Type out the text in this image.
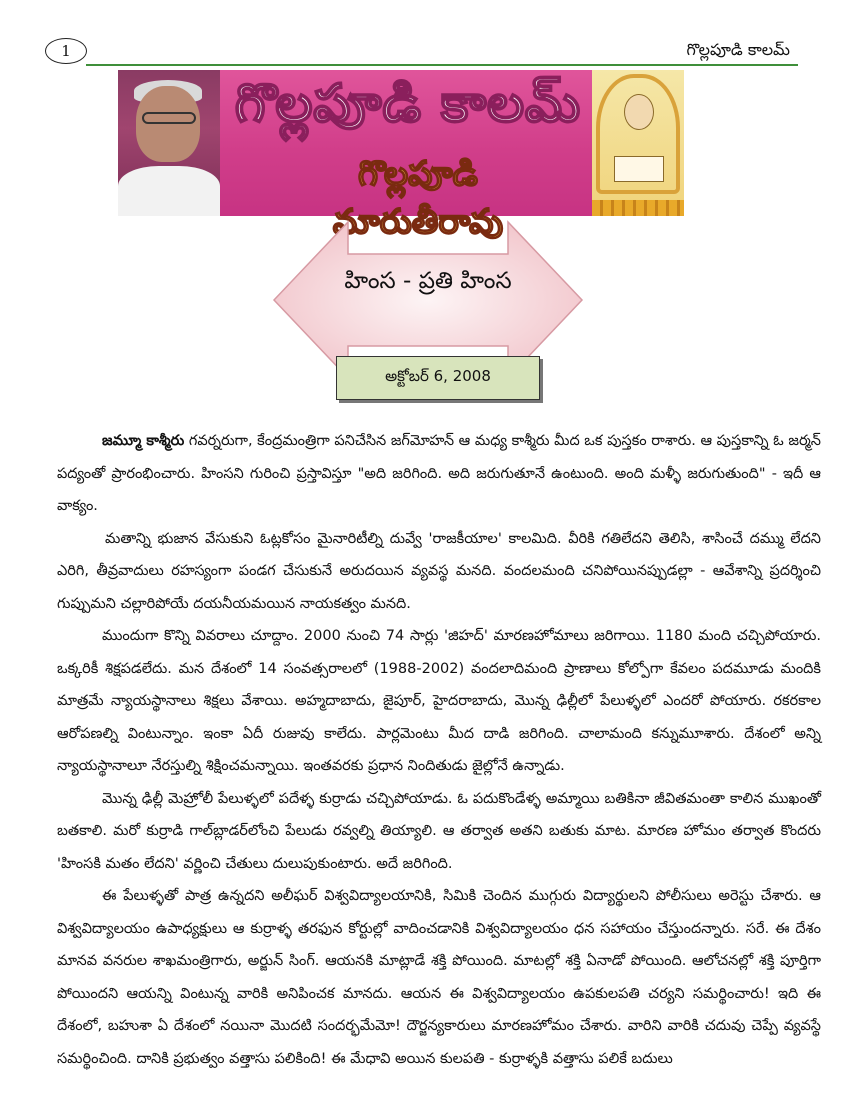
1	గొల్లపూడి కాలమ్
గొల్లపూడి కాలమ్
గొల్లపూడి మారుతీరావు
హింస - ప్రతి హింస
అక్టోబర్ 6, 2008

జమ్మూ కాశ్మీరు గవర్నరుగా, కేంద్రమంత్రిగా పనిచేసిన జగ్‌మోహన్ ఆ మధ్య కాశ్మీరు మీద ఒక పుస్తకం రాశారు. ఆ పుస్తకాన్ని ఓ జర్మన్ పద్యంతో ప్రారంభించారు. హింసని గురించి ప్రస్తావిస్తూ "అది జరిగింది. అది జరుగుతూనే ఉంటుంది. అంది మళ్ళీ జరుగుతుంది" - ఇదీ ఆ వాక్యం.

మతాన్ని భుజాన వేసుకుని ఓట్లకోసం మైనారిటీల్ని దువ్వే 'రాజకీయాల' కాలమిది. వీరికి గతిలేదని తెలిసి, శాసించే దమ్ము లేదని ఎరిగి, తీవ్రవాదులు రహస్యంగా పండగ చేసుకునే అరుదయిన వ్యవస్థ మనది. వందలమంది చనిపోయినప్పుడల్లా - ఆవేశాన్ని ప్రదర్శించి గుప్పుమని చల్లారిపోయే దయనీయమయిన నాయకత్వం మనది.

ముందుగా కొన్ని వివరాలు చూద్దాం. 2000 నుంచి 74 సార్లు 'జిహద్' మారణహోమాలు జరిగాయి. 1180 మంది చచ్చిపోయారు. ఒక్కరికీ శిక్షపడలేదు. మన దేశంలో 14 సంవత్సరాలలో (1988-2002) వందలాదిమంది ప్రాణాలు కోల్పోగా కేవలం పదమూడు మందికి మాత్రమే న్యాయస్థానాలు శిక్షలు వేశాయి. అహ్మదాబాదు, జైపూర్, హైదరాబాదు, మొన్న ఢిల్లీలో పేలుళ్ళలో ఎందరో పోయారు. రకరకాల ఆరోపణల్ని వింటున్నాం. ఇంకా ఏదీ రుజువు కాలేదు. పార్లమెంటు మీద దాడి జరిగింది. చాలామంది కన్నుమూశారు. దేశంలో అన్ని న్యాయస్థానాలూ నేరస్తుల్ని శిక్షించమన్నాయి. ఇంతవరకు ప్రధాన నిందితుడు జైల్లోనే ఉన్నాడు.

మొన్న ఢిల్లీ మెహ్రోలీ పేలుళ్ళలో పదేళ్ళ కుర్రాడు చచ్చిపోయాడు. ఓ పదుకొండేళ్ళ అమ్మాయి బతికినా జీవితమంతా కాలిన ముఖంతో బతకాలి. మరో కుర్రాడి గాల్‌బ్లాడర్‌లోంచి పేలుడు రవ్వల్ని తియ్యాలి. ఆ తర్వాత అతని బతుకు మాట. మారణ హోమం తర్వాత కొందరు 'హింసకి మతం లేదని' వర్ణించి చేతులు దులుపుకుంటారు. అదే జరిగింది.

ఈ పేలుళ్ళతో పాత్ర ఉన్నదని అలీఘర్ విశ్వవిద్యాలయానికి, సిమికి చెందిన ముగ్గురు విద్యార్థులని పోలీసులు అరెస్టు చేశారు. ఆ విశ్వవిద్యాలయం ఉపాధ్యక్షులు ఆ కుర్రాళ్ళ తరఫున కోర్టుల్లో వాదించడానికి విశ్వవిద్యాలయం ధన సహాయం చేస్తుందన్నారు. సరే. ఈ దేశం మానవ వనరుల శాఖమంత్రిగారు, అర్జున్ సింగ్. ఆయనకి మాట్లాడే శక్తి పోయింది. మాటల్లో శక్తి ఏనాడో పోయింది. ఆలోచనల్లో శక్తి పూర్తిగా పోయిందని ఆయన్ని వింటున్న వారికి అనిపించక మానదు. ఆయన ఈ విశ్వవిద్యాలయం ఉపకులపతి చర్యని సమర్థించారు! ఇది ఈ దేశంలో, బహుశా ఏ దేశంలో నయినా మొదటి సందర్భమేమో! దౌర్జన్యకారులు మారణహోమం చేశారు. వారిని వారికి చదువు చెప్పే వ్యవస్థే సమర్థించింది. దానికి ప్రభుత్వం వత్తాసు పలికింది! ఈ మేధావి అయిన కులపతి - కుర్రాళ్ళకి వత్తాసు పలికే బదులు
